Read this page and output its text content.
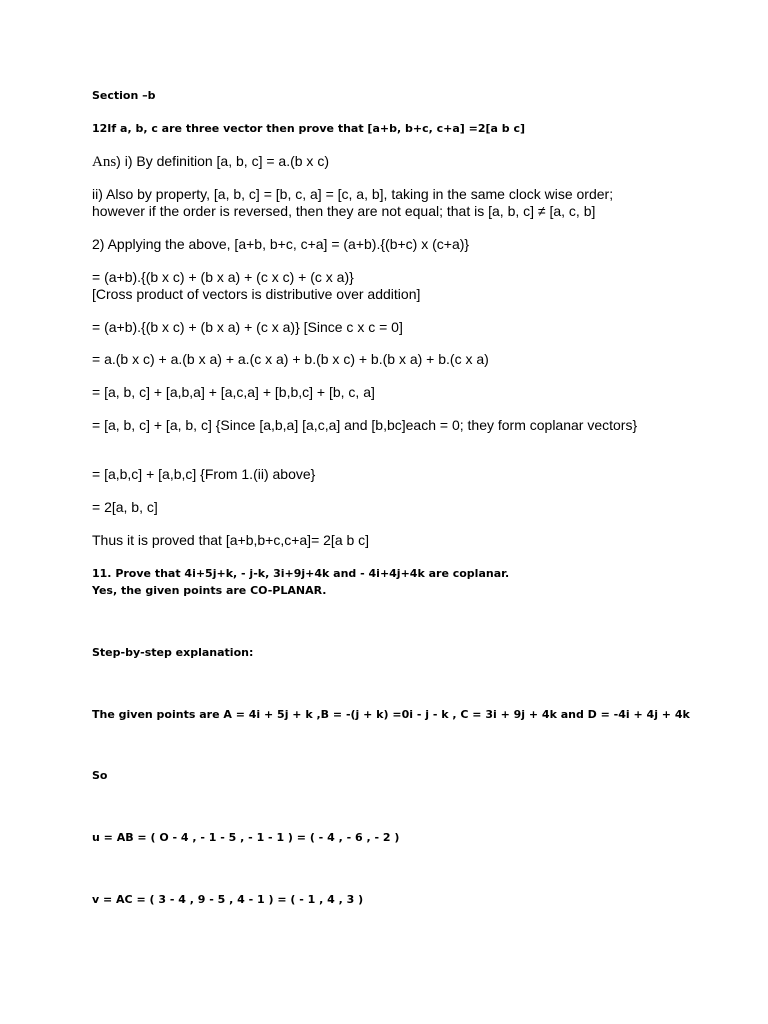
Section –b
12If a, b, c are three vector then prove that [a+b, b+c, c+a] =2[a b c]
Ans) i) By definition [a, b, c] = a.(b x c)
ii) Also by property, [a, b, c] = [b, c, a] = [c, a, b], taking in the same clock wise order;
however if the order is reversed, then they are not equal; that is [a, b, c] ≠ [a, c, b]
2) Applying the above, [a+b, b+c, c+a] = (a+b).{(b+c) x (c+a)}
= (a+b).{(b x c) + (b x a) + (c x c) + (c x a)}
[Cross product of vectors is distributive over addition]
= (a+b).{(b x c) + (b x a) + (c x a)} [Since c x c = 0]
= a.(b x c) + a.(b x a) + a.(c x a) + b.(b x c) + b.(b x a) + b.(c x a)
= [a, b, c] + [a,b,a] + [a,c,a] + [b,b,c] + [b, c, a]
= [a, b, c] + [a, b, c] {Since [a,b,a] [a,c,a] and [b,bc]each = 0; they form coplanar vectors}
= [a,b,c] + [a,b,c] {From 1.(ii) above}
= 2[a, b, c]
Thus it is proved that [a+b,b+c,c+a]= 2[a b c]
11. Prove that 4i+5j+k, - j-k, 3i+9j+4k and - 4i+4j+4k are coplanar.
Yes, the given points are CO-PLANAR.
Step-by-step explanation:
The given points are A = 4i + 5j + k ,B = -(j + k) =0i - j - k , C = 3i + 9j + 4k and D = -4i + 4j + 4k
So
u = AB = ( O - 4 , - 1 - 5 , - 1 - 1 ) = ( - 4 , - 6 , - 2 )
v = AC = ( 3 - 4 , 9 - 5 , 4 - 1 ) = ( - 1 , 4 , 3 )
